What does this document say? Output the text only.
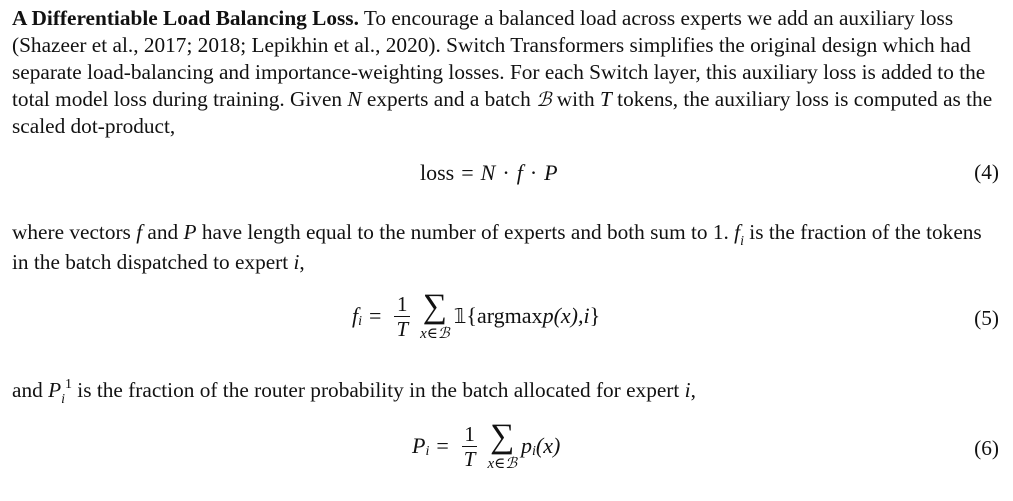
A Differentiable Load Balancing Loss. To encourage a balanced load across experts we add an auxiliary loss (Shazeer et al., 2017; 2018; Lepikhin et al., 2020). Switch Transformers simplifies the original design which had separate load-balancing and importance-weighting losses. For each Switch layer, this auxiliary loss is added to the total model loss during training. Given N experts and a batch ℬ with T tokens, the auxiliary loss is computed as the scaled dot-product,
loss = N · f · P	(4)
where vectors f and P have length equal to the number of experts and both sum to 1. $f_i$ is the fraction of the tokens in the batch dispatched to expert i,
f $i = \frac{1}{T}$ ∑
x∈ℬ
𝟙 {argmax p (x), i }	(5)
and $P_i^1$ is the fraction of the router probability in the batch allocated for expert i,
P $i = \frac{1}{T}$ ∑
x∈ℬ
p i (x)	(6)
